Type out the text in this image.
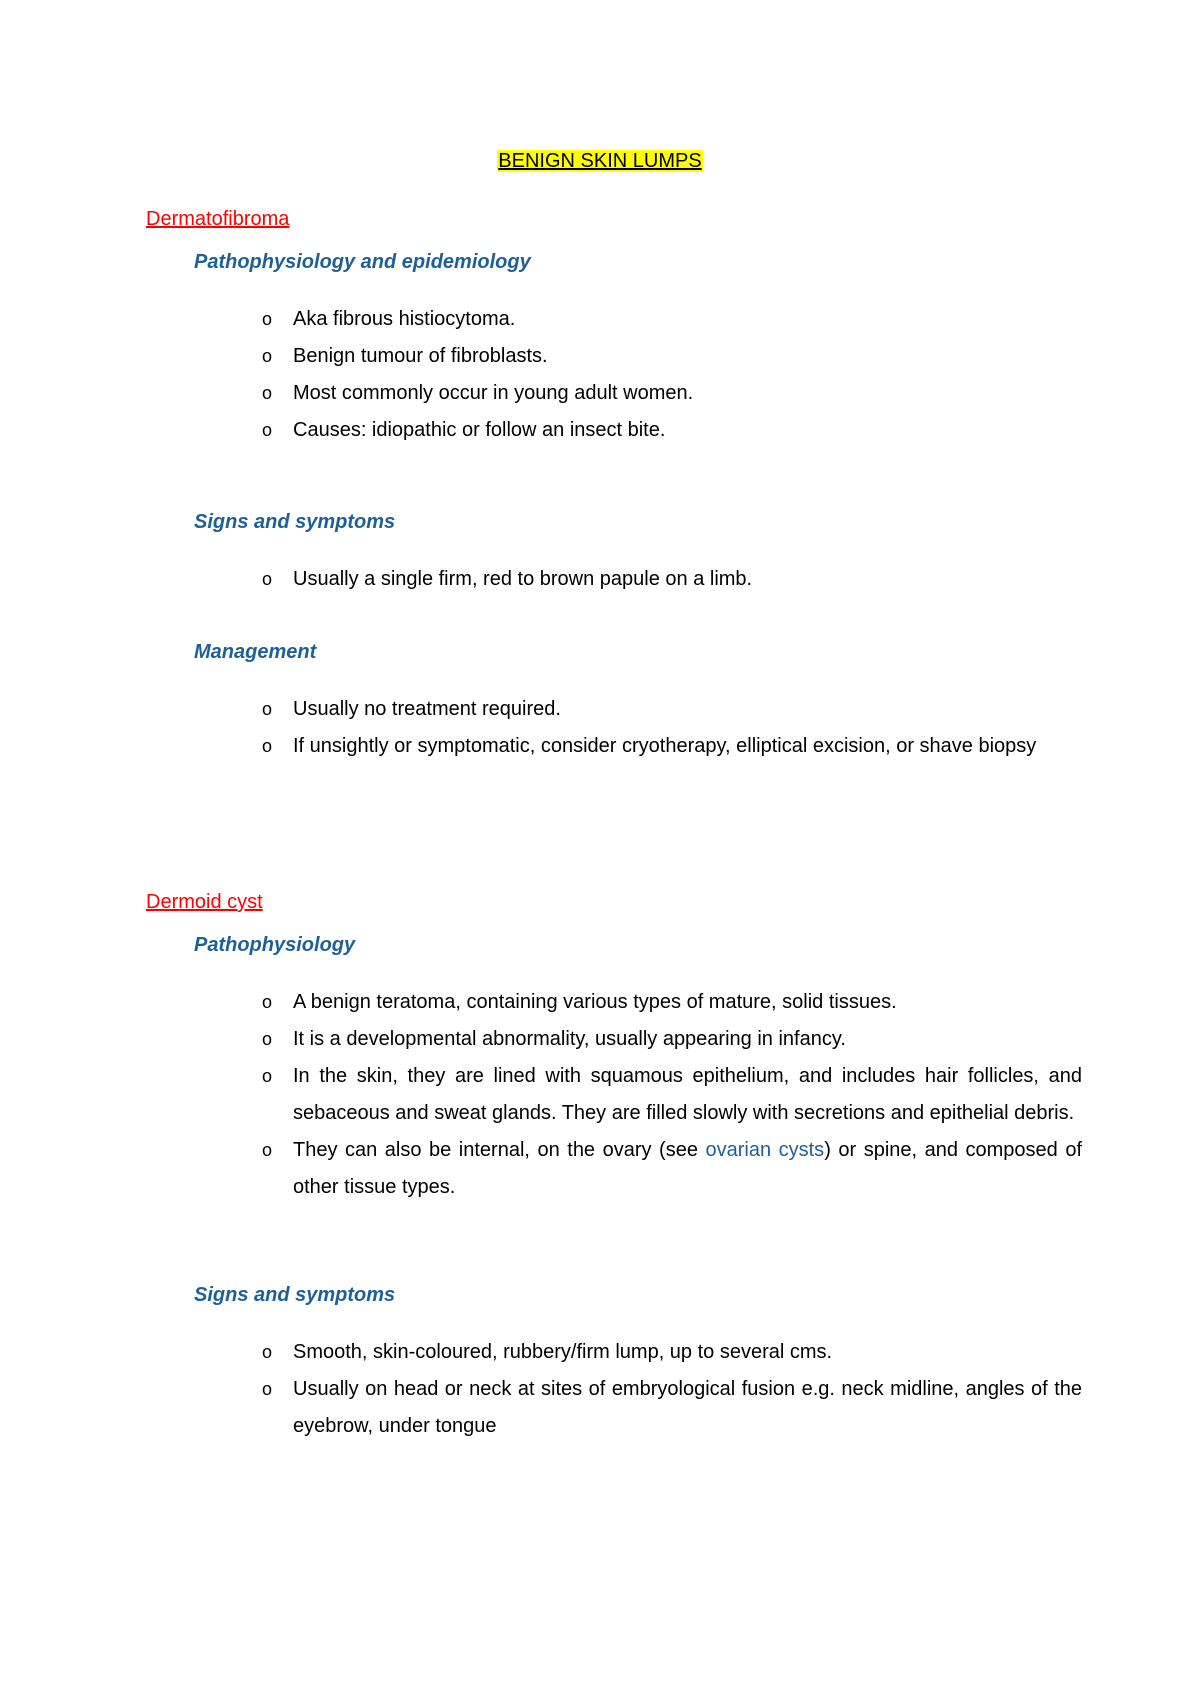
BENIGN SKIN LUMPS
Dermatofibroma
Pathophysiology and epidemiology
o Aka fibrous histiocytoma.
o Benign tumour of fibroblasts.
o Most commonly occur in young adult women.
o Causes: idiopathic or follow an insect bite.
Signs and symptoms
o Usually a single firm, red to brown papule on a limb.
Management
o Usually no treatment required.
o If unsightly or symptomatic, consider cryotherapy, elliptical excision, or shave biopsy
Dermoid cyst
Pathophysiology
o A benign teratoma, containing various types of mature, solid tissues.
o It is a developmental abnormality, usually appearing in infancy.
o In the skin, they are lined with squamous epithelium, and includes hair follicles, and sebaceous and sweat glands. They are filled slowly with secretions and epithelial debris.
o They can also be internal, on the ovary (see ovarian cysts) or spine, and composed of other tissue types.
Signs and symptoms
o Smooth, skin-coloured, rubbery/firm lump, up to several cms.
o Usually on head or neck at sites of embryological fusion e.g. neck midline, angles of the eyebrow, under tongue
